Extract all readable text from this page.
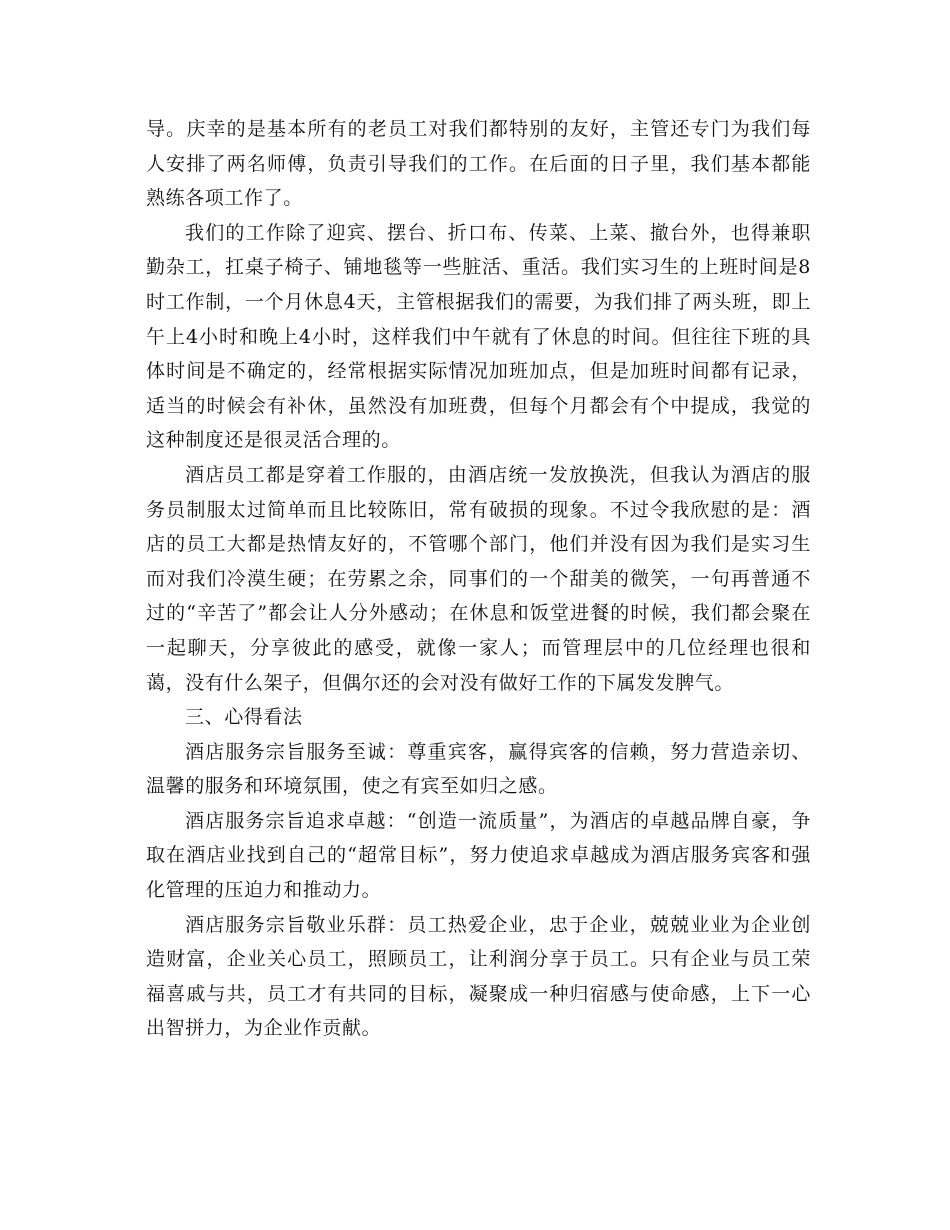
导。庆幸的是基本所有的老员工对我们都特别的友好，主管还专门为我们每人安排了两名师傅，负责引导我们的工作。在后面的日子里，我们基本都能熟练各项工作了。

我们的工作除了迎宾、摆台、折口布、传菜、上菜、撤台外，也得兼职勤杂工，扛桌子椅子、铺地毯等一些脏活、重活。我们实习生的上班时间是8时工作制，一个月休息4天，主管根据我们的需要，为我们排了两头班，即上午上4小时和晚上4小时，这样我们中午就有了休息的时间。但往往下班的具体时间是不确定的，经常根据实际情况加班加点，但是加班时间都有记录，适当的时候会有补休，虽然没有加班费，但每个月都会有个中提成，我觉的这种制度还是很灵活合理的。

酒店员工都是穿着工作服的，由酒店统一发放换洗，但我认为酒店的服务员制服太过简单而且比较陈旧，常有破损的现象。不过令我欣慰的是：酒店的员工大都是热情友好的，不管哪个部门，他们并没有因为我们是实习生而对我们冷漠生硬；在劳累之余，同事们的一个甜美的微笑，一句再普通不过的“辛苦了”都会让人分外感动；在休息和饭堂进餐的时候，我们都会聚在一起聊天，分享彼此的感受，就像一家人；而管理层中的几位经理也很和蔼，没有什么架子，但偶尔还的会对没有做好工作的下属发发脾气。

三、心得看法

酒店服务宗旨服务至诚：尊重宾客，赢得宾客的信赖，努力营造亲切、温馨的服务和环境氛围，使之有宾至如归之感。

酒店服务宗旨追求卓越：“创造一流质量”，为酒店的卓越品牌自豪，争取在酒店业找到自己的“超常目标”，努力使追求卓越成为酒店服务宾客和强化管理的压迫力和推动力。

酒店服务宗旨敬业乐群：员工热爱企业，忠于企业，兢兢业业为企业创造财富，企业关心员工，照顾员工，让利润分享于员工。只有企业与员工荣福喜戚与共，员工才有共同的目标，凝聚成一种归宿感与使命感，上下一心出智拼力，为企业作贡献。
